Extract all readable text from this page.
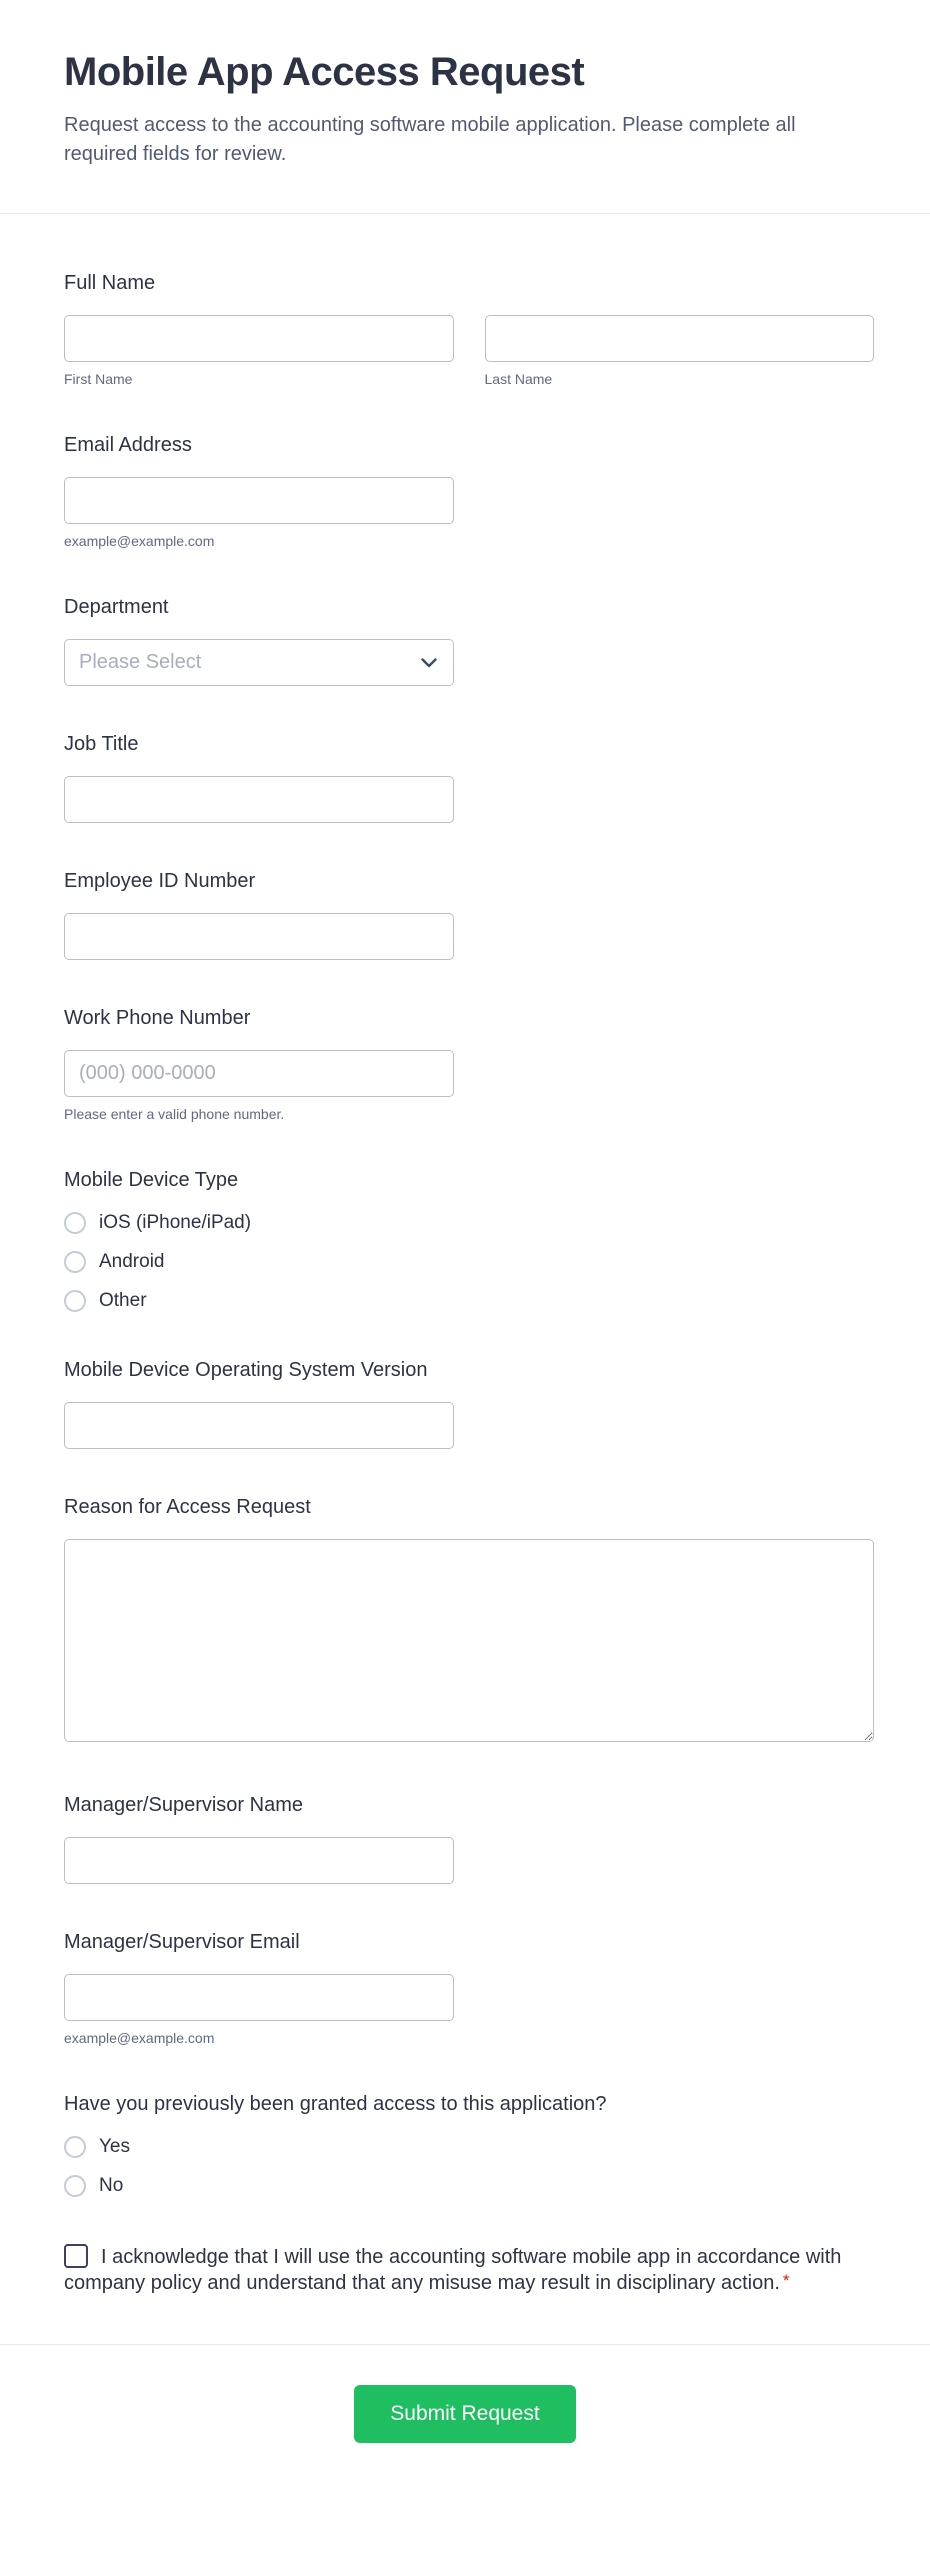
Mobile App Access Request
Request access to the accounting software mobile application. Please complete all required fields for review.
Full Name
First Name	Last Name
Email Address
example@example.com
Department
Please Select
Job Title
Employee ID Number
Work Phone Number
(000) 000-0000
Please enter a valid phone number.
Mobile Device Type
iOS (iPhone/iPad)
Android
Other
Mobile Device Operating System Version
Reason for Access Request
Manager/Supervisor Name
Manager/Supervisor Email
example@example.com
Have you previously been granted access to this application?
Yes
No
I acknowledge that I will use the accounting software mobile app in accordance with company policy and understand that any misuse may result in disciplinary action. *
Submit Request
